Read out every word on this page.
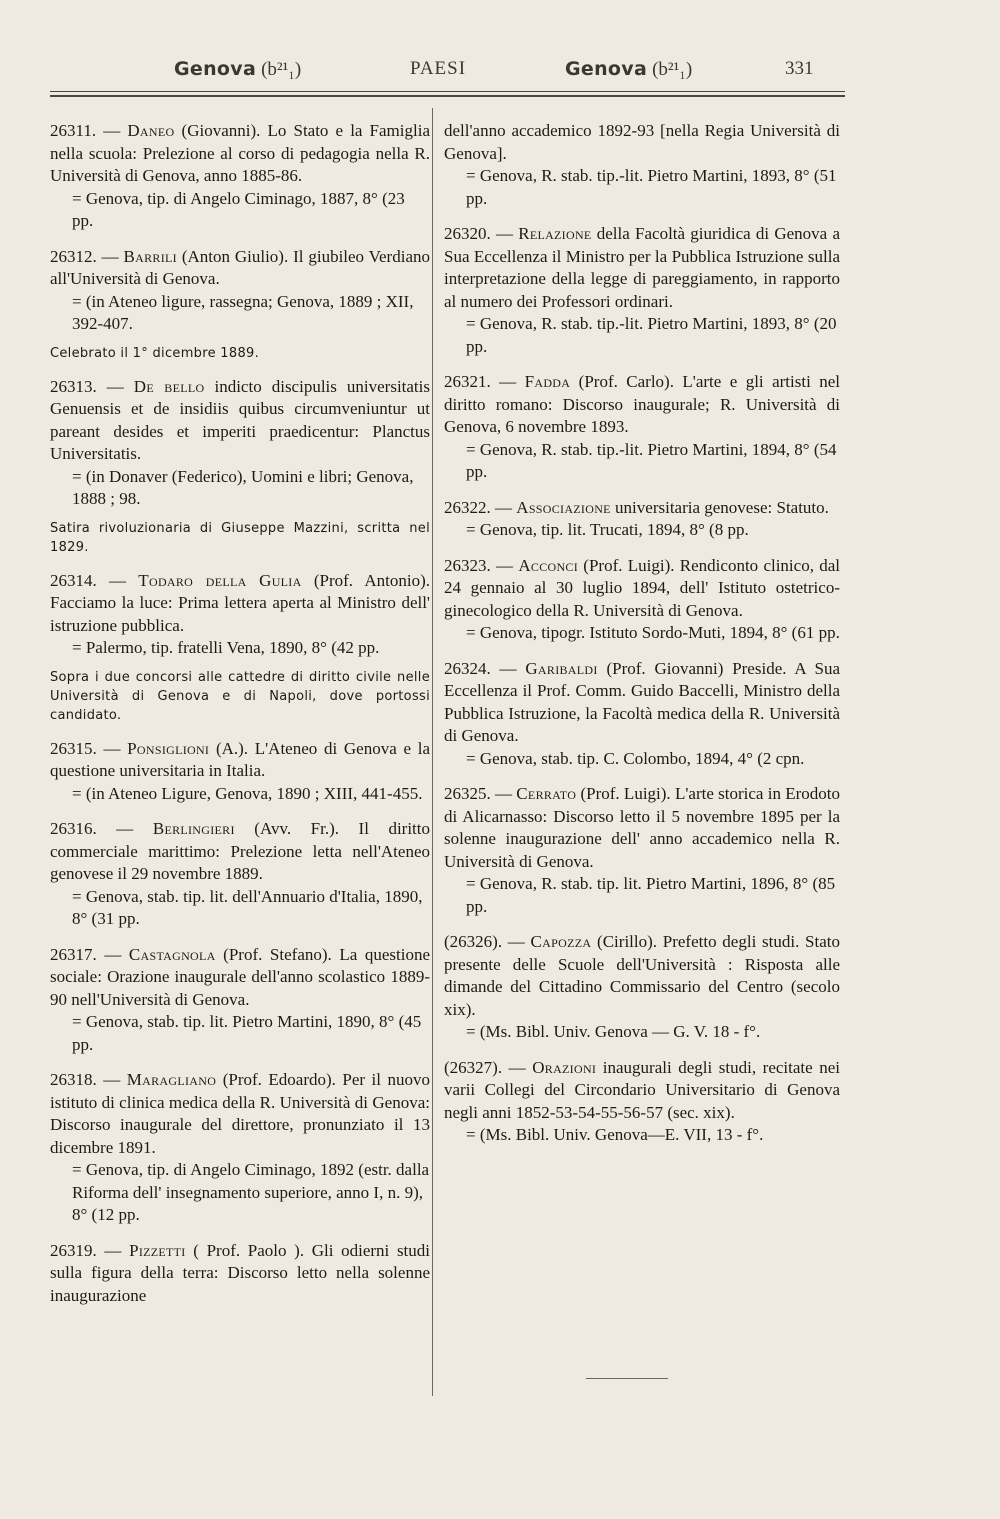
Genova (b²¹₁)	PAESI	Genova (b²¹₁)	331
26311. — Daneo (Giovanni). Lo Stato e la Famiglia nella scuola: Prelezione al corso di pedagogia nella R. Università di Genova, anno 1885-86.
= Genova, tip. di Angelo Ciminago, 1887, 8° (23 pp.
26312. — Barrili (Anton Giulio). Il giubileo Verdiano all'Università di Genova.
= (in Ateneo ligure, rassegna; Genova, 1889 ; XII, 392-407.
Celebrato il 1° dicembre 1889.
26313. — De bello indicto discipulis universitatis Genuensis et de insidiis quibus circumveniuntur ut pareant desides et imperiti praedicentur: Planctus Universitatis.
= (in Donaver (Federico), Uomini e libri; Genova, 1888 ; 98.
Satira rivoluzionaria di Giuseppe Mazzini, scritta nel 1829.
26314. — Todaro della Gulia (Prof. Antonio). Facciamo la luce: Prima lettera aperta al Ministro dell' istruzione pubblica.
= Palermo, tip. fratelli Vena, 1890, 8° (42 pp.
Sopra i due concorsi alle cattedre di diritto civile nelle Università di Genova e di Napoli, dove portossi candidato.
26315. — Ponsiglioni (A.). L'Ateneo di Genova e la questione universitaria in Italia.
= (in Ateneo Ligure, Genova, 1890 ; XIII, 441-455.
26316. — Berlingieri (Avv. Fr.). Il diritto commerciale marittimo: Prelezione letta nell'Ateneo genovese il 29 novembre 1889.
= Genova, stab. tip. lit. dell'Annuario d'Italia, 1890, 8° (31 pp.
26317. — Castagnola (Prof. Stefano). La questione sociale: Orazione inaugurale dell'anno scolastico 1889-90 nell'Università di Genova.
= Genova, stab. tip. lit. Pietro Martini, 1890, 8° (45 pp.
26318. — Maragliano (Prof. Edoardo). Per il nuovo istituto di clinica medica della R. Università di Genova: Discorso inaugurale del direttore, pronunziato il 13 dicembre 1891.
= Genova, tip. di Angelo Ciminago, 1892 (estr. dalla Riforma dell' insegnamento superiore, anno I, n. 9), 8° (12 pp.
26319. — Pizzetti ( Prof. Paolo ). Gli odierni studi sulla figura della terra: Discorso letto nella solenne inaugurazione
dell'anno accademico 1892-93 [nella Regia Università di Genova].
= Genova, R. stab. tip.-lit. Pietro Martini, 1893, 8° (51 pp.
26320. — Relazione della Facoltà giuridica di Genova a Sua Eccellenza il Ministro per la Pubblica Istruzione sulla interpretazione della legge di pareggiamento, in rapporto al numero dei Professori ordinari.
= Genova, R. stab. tip.-lit. Pietro Martini, 1893, 8° (20 pp.
26321. — Fadda (Prof. Carlo). L'arte e gli artisti nel diritto romano: Discorso inaugurale; R. Università di Genova, 6 novembre 1893.
= Genova, R. stab. tip.-lit. Pietro Martini, 1894, 8° (54 pp.
26322. — Associazione universitaria genovese: Statuto.
= Genova, tip. lit. Trucati, 1894, 8° (8 pp.
26323. — Acconci (Prof. Luigi). Rendiconto clinico, dal 24 gennaio al 30 luglio 1894, dell' Istituto ostetrico-ginecologico della R. Università di Genova.
= Genova, tipogr. Istituto Sordo-Muti, 1894, 8° (61 pp.
26324. — Garibaldi (Prof. Giovanni) Preside. A Sua Eccellenza il Prof. Comm. Guido Baccelli, Ministro della Pubblica Istruzione, la Facoltà medica della R. Università di Genova.
= Genova, stab. tip. C. Colombo, 1894, 4° (2 cpn.
26325. — Cerrato (Prof. Luigi). L'arte storica in Erodoto di Alicarnasso: Discorso letto il 5 novembre 1895 per la solenne inaugurazione dell' anno accademico nella R. Università di Genova.
= Genova, R. stab. tip. lit. Pietro Martini, 1896, 8° (85 pp.
(26326). — Capozza (Cirillo). Prefetto degli studi. Stato presente delle Scuole dell'Università : Risposta alle dimande del Cittadino Commissario del Centro (secolo xix).
= (Ms. Bibl. Univ. Genova — G. V. 18 - f°.
(26327). — Orazioni inaugurali degli studi, recitate nei varii Collegi del Circondario Universitario di Genova negli anni 1852-53-54-55-56-57 (sec. xix).
= (Ms. Bibl. Univ. Genova—E. VII, 13 - f°.
